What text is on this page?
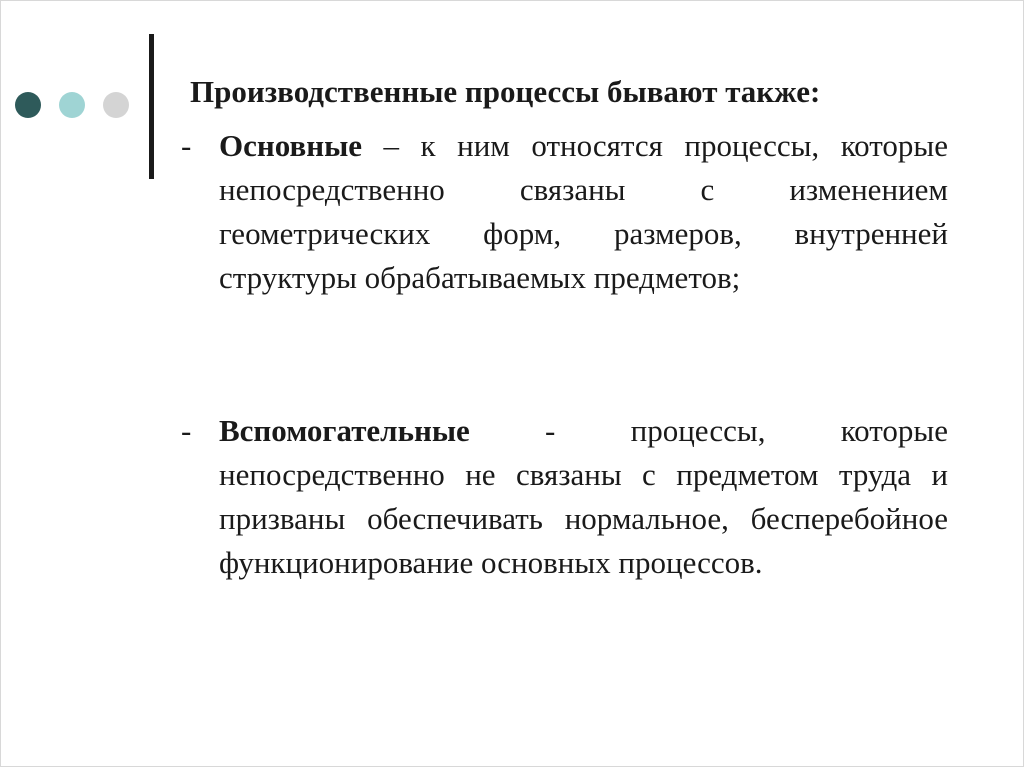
Производственные процессы бывают также:
- Основные – к ним относятся процессы, которые непосредственно связаны с изменением геометрических форм, размеров, внутренней структуры обрабатываемых предметов;

- Вспомогательные - процессы, которые непосредственно не связаны с предметом труда и призваны обеспечивать нормальное, бесперебойное функционирование основных процессов.
